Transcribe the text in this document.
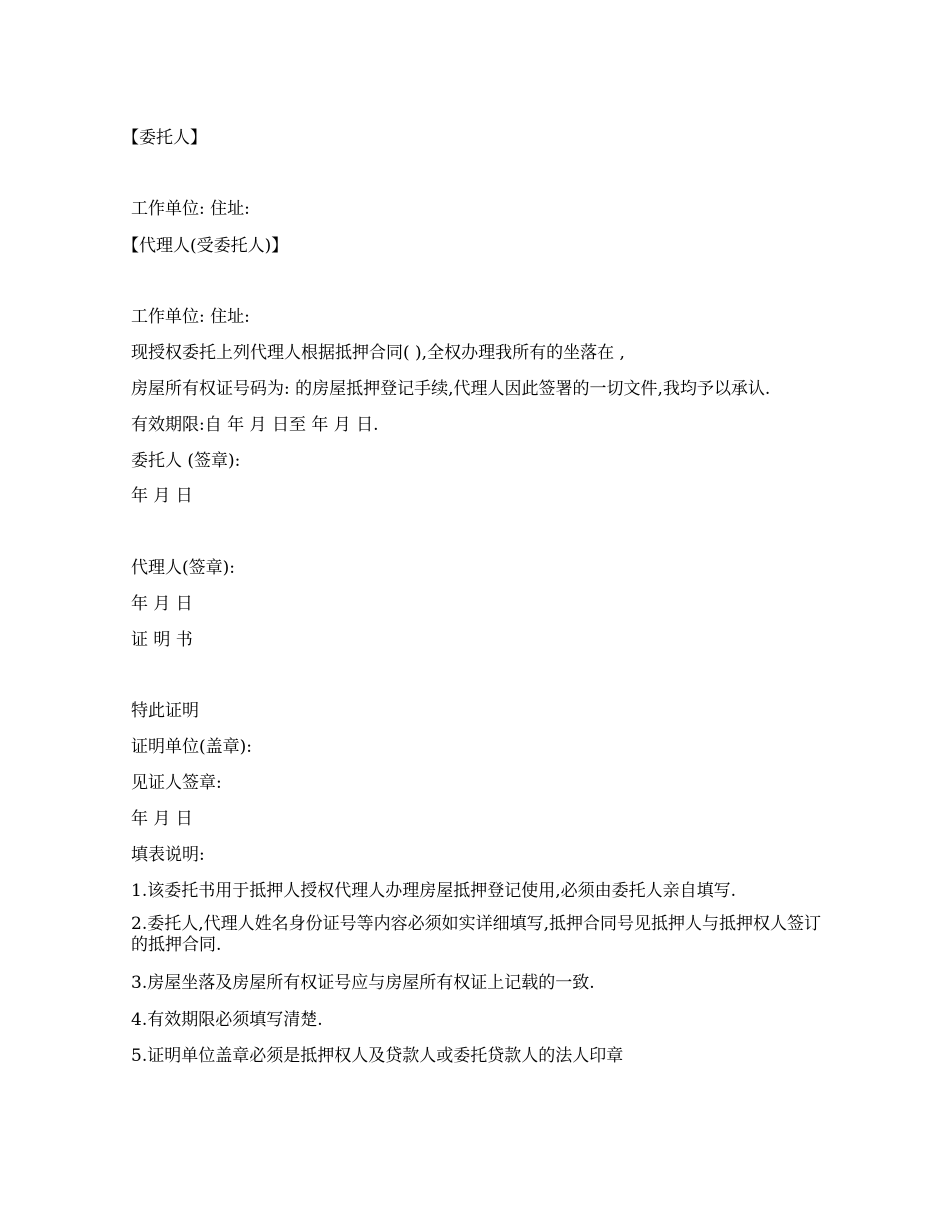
【委托人】
工作单位: 住址:
【代理人(受委托人)】
工作单位: 住址:
现授权委托上列代理人根据抵押合同( ),全权办理我所有的坐落在 ,
房屋所有权证号码为: 的房屋抵押登记手续,代理人因此签署的一切文件,我均予以承认.
有效期限:自 年 月 日至 年 月 日.
委托人 (签章):
年 月 日
代理人(签章):
年 月 日
证 明 书
特此证明
证明单位(盖章):
见证人签章:
年 月 日
填表说明:
1.该委托书用于抵押人授权代理人办理房屋抵押登记使用,必须由委托人亲自填写.
2.委托人,代理人姓名身份证号等内容必须如实详细填写,抵押合同号见抵押人与抵押权人签订的抵押合同.
3.房屋坐落及房屋所有权证号应与房屋所有权证上记载的一致.
4.有效期限必须填写清楚.
5.证明单位盖章必须是抵押权人及贷款人或委托贷款人的法人印章
